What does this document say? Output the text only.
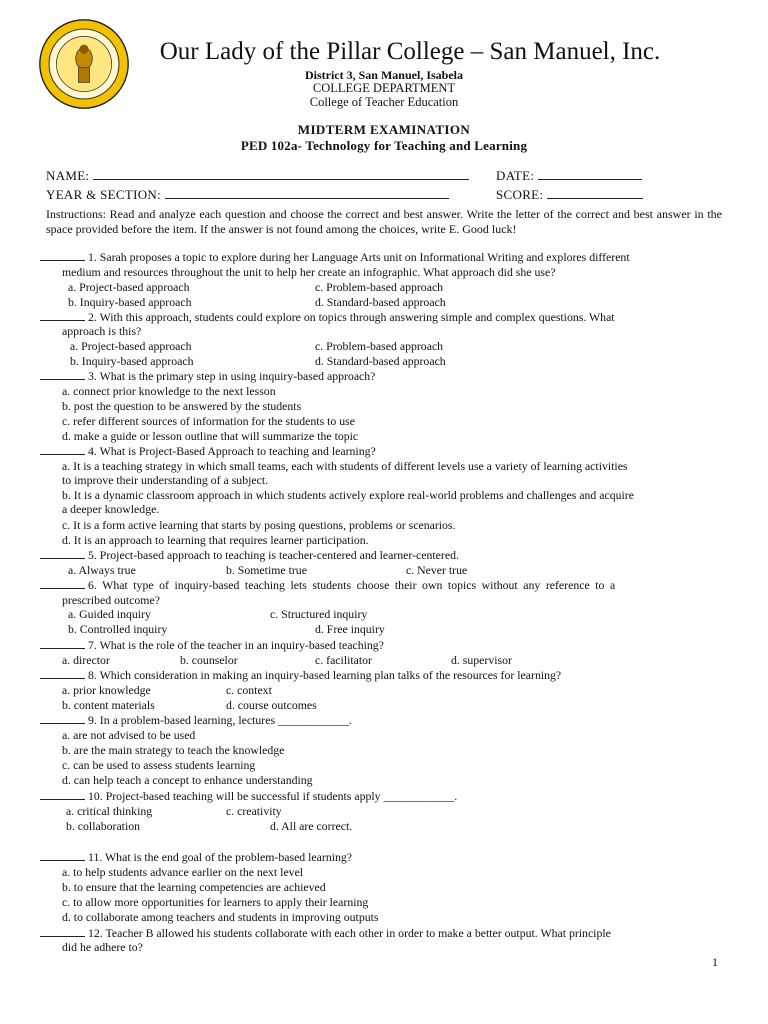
Our Lady of the Pillar College – San Manuel, Inc.
District 3, San Manuel, Isabela
COLLEGE DEPARTMENT
College of Teacher Education
MIDTERM EXAMINATION
PED 102a- Technology for Teaching and Learning
NAME:	DATE:
YEAR & SECTION:	SCORE:
Instructions: Read and analyze each question and choose the correct and best answer. Write the letter of the correct and best answer in the space provided before the item. If the answer is not found among the choices, write E. Good luck!
1. Sarah proposes a topic to explore during her Language Arts unit on Informational Writing and explores different
medium and resources throughout the unit to help her create an infographic. What approach did she use?
a. Project-based approach	c. Problem-based approach
b. Inquiry-based approach	d. Standard-based approach
2. With this approach, students could explore on topics through answering simple and complex questions. What
approach is this?
a. Project-based approach	c. Problem-based approach
b. Inquiry-based approach	d. Standard-based approach
3. What is the primary step in using inquiry-based approach?
a. connect prior knowledge to the next lesson
b. post the question to be answered by the students
c. refer different sources of information for the students to use
d. make a guide or lesson outline that will summarize the topic
4. What is Project-Based Approach to teaching and learning?
a. It is a teaching strategy in which small teams, each with students of different levels use a variety of learning activities
to improve their understanding of a subject.
b. It is a dynamic classroom approach in which students actively explore real-world problems and challenges and acquire
a deeper knowledge.
c. It is a form active learning that starts by posing questions, problems or scenarios.
d. It is an approach to learning that requires learner participation.
5. Project-based approach to teaching is teacher-centered and learner-centered.
a. Always true	b. Sometime true	c. Never true
6. What type of inquiry-based teaching lets students choose their own topics without any reference to a
prescribed outcome?
a. Guided inquiry	c. Structured inquiry
b. Controlled inquiry	d. Free inquiry
7. What is the role of the teacher in an inquiry-based teaching?
a. director	b. counselor	c. facilitator	d. supervisor
8. Which consideration in making an inquiry-based learning plan talks of the resources for learning?
a. prior knowledge	c. context
b. content materials	d. course outcomes
9. In a problem-based learning, lectures ____________.
a. are not advised to be used
b. are the main strategy to teach the knowledge
c. can be used to assess students learning
d. can help teach a concept to enhance understanding
10. Project-based teaching will be successful if students apply ____________.
a. critical thinking	c. creativity
b. collaboration	d. All are correct.
11. What is the end goal of the problem-based learning?
a. to help students advance earlier on the next level
b. to ensure that the learning competencies are achieved
c. to allow more opportunities for learners to apply their learning
d. to collaborate among teachers and students in improving outputs
12. Teacher B allowed his students collaborate with each other in order to make a better output. What principle
did he adhere to?
1
